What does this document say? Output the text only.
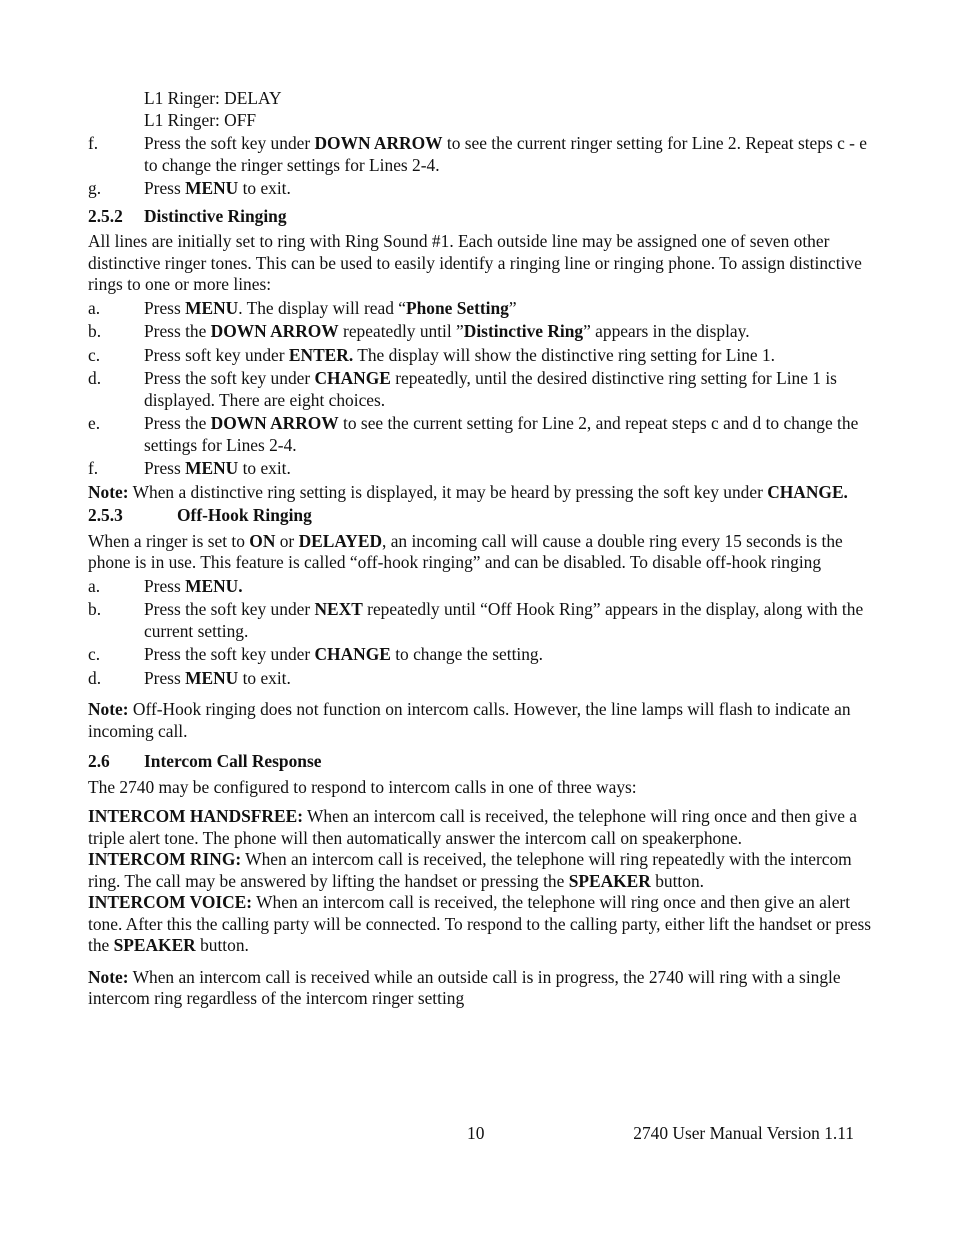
L1 Ringer: DELAY
L1 Ringer: OFF
f.	Press the soft key under DOWN ARROW to see the current ringer setting for Line 2. Repeat steps c - e to change the ringer settings for Lines 2-4.
g.	Press MENU to exit.
2.5.2	Distinctive Ringing

All lines are initially set to ring with Ring Sound #1. Each outside line may be assigned one of seven other distinctive ringer tones. This can be used to easily identify a ringing line or ringing phone. To assign distinctive rings to one or more lines:

a.	Press MENU. The display will read “Phone Setting”
b.	Press the DOWN ARROW repeatedly until ”Distinctive Ring” appears in the display.
c.	Press soft key under ENTER. The display will show the distinctive ring setting for Line 1.
d.	Press the soft key under CHANGE repeatedly, until the desired distinctive ring setting for Line 1 is displayed. There are eight choices.
e.	Press the DOWN ARROW to see the current setting for Line 2, and repeat steps c and d to change the settings for Lines 2-4.
f.	Press MENU to exit.

Note: When a distinctive ring setting is displayed, it may be heard by pressing the soft key under CHANGE.

2.5.3	Off-Hook Ringing

When a ringer is set to ON or DELAYED, an incoming call will cause a double ring every 15 seconds is the phone is in use. This feature is called “off-hook ringing” and can be disabled. To disable off-hook ringing

a.	Press MENU.
b.	Press the soft key under NEXT repeatedly until “Off Hook Ring” appears in the display, along with the current setting.
c.	Press the soft key under CHANGE to change the setting.
d.	Press MENU to exit.

Note: Off-Hook ringing does not function on intercom calls. However, the line lamps will flash to indicate an incoming call.

2.6	Intercom Call Response

The 2740 may be configured to respond to intercom calls in one of three ways:

INTERCOM HANDSFREE: When an intercom call is received, the telephone will ring once and then give a triple alert tone. The phone will then automatically answer the intercom call on speakerphone.

INTERCOM RING: When an intercom call is received, the telephone will ring repeatedly with the intercom ring. The call may be answered by lifting the handset or pressing the SPEAKER button.

INTERCOM VOICE: When an intercom call is received, the telephone will ring once and then give an alert tone. After this the calling party will be connected. To respond to the calling party, either lift the handset or press the SPEAKER button.

Note: When an intercom call is received while an outside call is in progress, the 2740 will ring with a single intercom ring regardless of the intercom ringer setting

10	2740 User Manual Version 1.11
